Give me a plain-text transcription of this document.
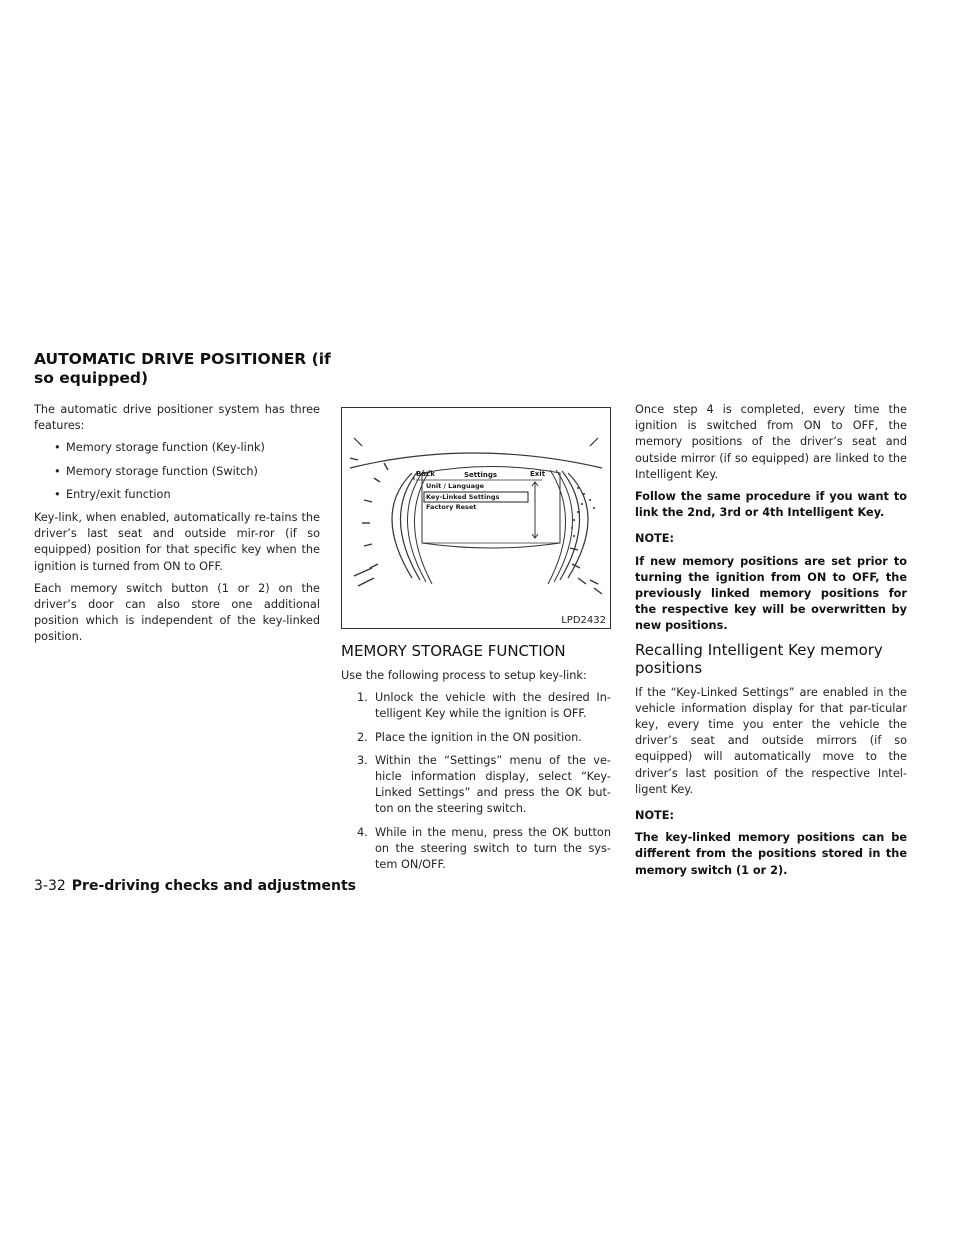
AUTOMATIC DRIVE POSITIONER (if so equipped)

The automatic drive positioner system has three features:

• Memory storage function (Key-link)
• Memory storage function (Switch)
• Entry/exit function

Key-link, when enabled, automatically re-tains the driver’s last seat and outside mir-ror (if so equipped) position for that specific key when the ignition is turned from ON to OFF.

Each memory switch button (1 or 2) on the driver’s door can also store one additional position which is independent of the key-linked position.

Back	Settings	Exit
Unit / Language
Key-Linked Settings
Factory Reset
LPD2432
MEMORY STORAGE FUNCTION

Use the following process to setup key-link:

1. Unlock the vehicle with the desired In-telligent Key while the ignition is OFF.
2. Place the ignition in the ON position.
3. Within the “Settings” menu of the ve-hicle information display, select “Key-Linked Settings” and press the OK but-ton on the steering switch.
4. While in the menu, press the OK button on the steering switch to turn the sys-tem ON/OFF.

Once step 4 is completed, every time the ignition is switched from ON to OFF, the memory positions of the driver’s seat and outside mirror (if so equipped) are linked to the Intelligent Key.

Follow the same procedure if you want to link the 2nd, 3rd or 4th Intelligent Key.

NOTE:

If new memory positions are set prior to turning the ignition from ON to OFF, the previously linked memory positions for the respective key will be overwritten by new positions.

Recalling Intelligent Key memory positions

If the “Key-Linked Settings” are enabled in the vehicle information display for that par-ticular key, every time you enter the vehicle the driver’s seat and outside mirrors (if so equipped) will automatically move to the driver’s last position of the respective Intel-ligent Key.

NOTE:

The key-linked memory positions can be different from the positions stored in the memory switch (1 or 2).

3-32 Pre-driving checks and adjustments
